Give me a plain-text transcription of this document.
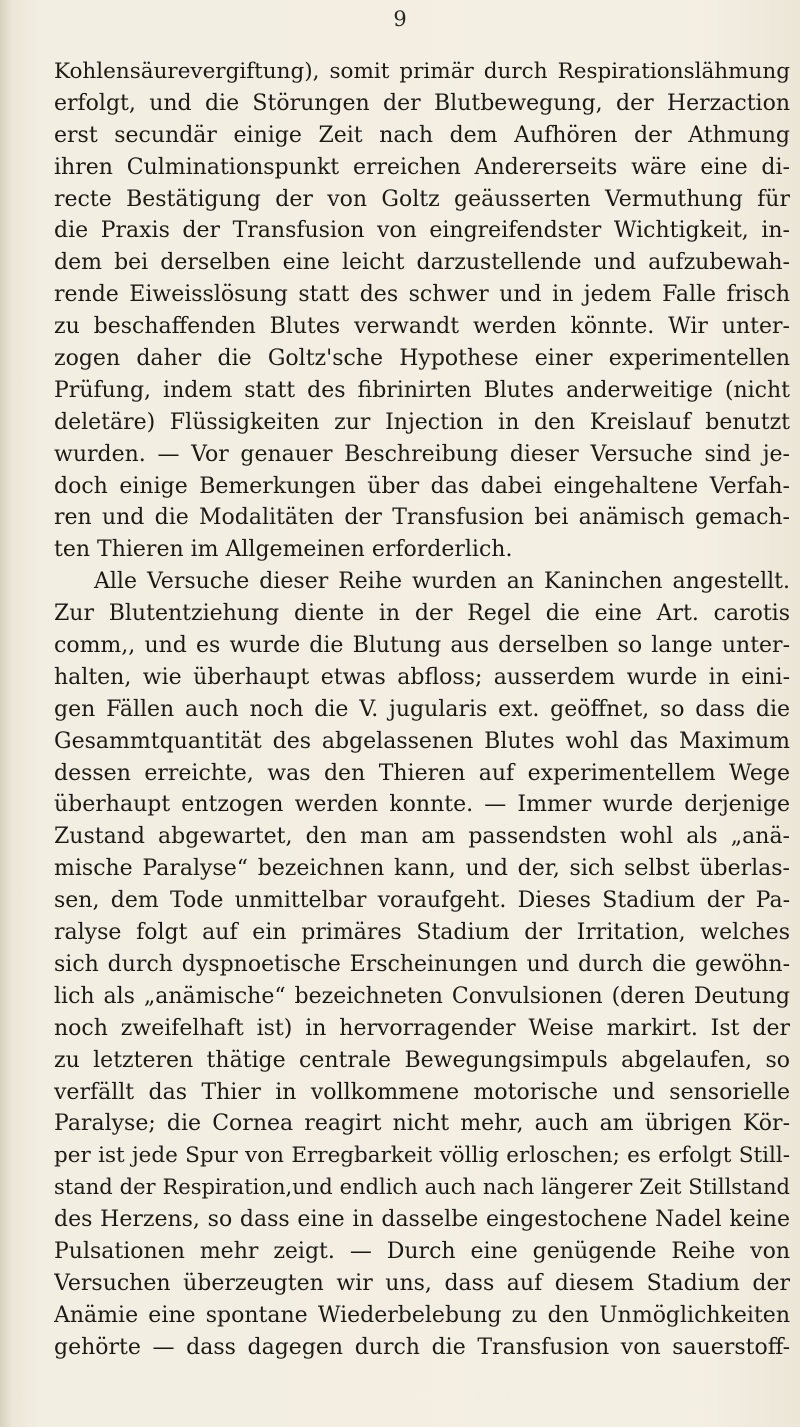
9
Kohlensäurevergiftung), somit primär durch Respirationslähmung
erfolgt, und die Störungen der Blutbewegung, der Herzaction
erst secundär einige Zeit nach dem Aufhören der Athmung
ihren Culminationspunkt erreichen Andererseits wäre eine di-
recte Bestätigung der von Goltz geäusserten Vermuthung für
die Praxis der Transfusion von eingreifendster Wichtigkeit, in-
dem bei derselben eine leicht darzustellende und aufzubewah-
rende Eiweisslösung statt des schwer und in jedem Falle frisch
zu beschaffenden Blutes verwandt werden könnte. Wir unter-
zogen daher die Goltz'sche Hypothese einer experimentellen
Prüfung, indem statt des fibrinirten Blutes anderweitige (nicht
deletäre) Flüssigkeiten zur Injection in den Kreislauf benutzt
wurden. — Vor genauer Beschreibung dieser Versuche sind je-
doch einige Bemerkungen über das dabei eingehaltene Verfah-
ren und die Modalitäten der Transfusion bei anämisch gemach-
ten Thieren im Allgemeinen erforderlich.
Alle Versuche dieser Reihe wurden an Kaninchen angestellt.
Zur Blutentziehung diente in der Regel die eine Art. carotis
comm,, und es wurde die Blutung aus derselben so lange unter-
halten, wie überhaupt etwas abfloss; ausserdem wurde in eini-
gen Fällen auch noch die V. jugularis ext. geöffnet, so dass die
Gesammtquantität des abgelassenen Blutes wohl das Maximum
dessen erreichte, was den Thieren auf experimentellem Wege
überhaupt entzogen werden konnte. — Immer wurde derjenige
Zustand abgewartet, den man am passendsten wohl als „anä-
mische Paralyse“ bezeichnen kann, und der, sich selbst überlas-
sen, dem Tode unmittelbar voraufgeht. Dieses Stadium der Pa-
ralyse folgt auf ein primäres Stadium der Irritation, welches
sich durch dyspnoetische Erscheinungen und durch die gewöhn-
lich als „anämische“ bezeichneten Convulsionen (deren Deutung
noch zweifelhaft ist) in hervorragender Weise markirt. Ist der
zu letzteren thätige centrale Bewegungsimpuls abgelaufen, so
verfällt das Thier in vollkommene motorische und sensorielle
Paralyse; die Cornea reagirt nicht mehr, auch am übrigen Kör-
per ist jede Spur von Erregbarkeit völlig erloschen; es erfolgt Still-
stand der Respiration,und endlich auch nach längerer Zeit Stillstand
des Herzens, so dass eine in dasselbe eingestochene Nadel keine
Pulsationen mehr zeigt. — Durch eine genügende Reihe von
Versuchen überzeugten wir uns, dass auf diesem Stadium der
Anämie eine spontane Wiederbelebung zu den Unmöglichkeiten
gehörte — dass dagegen durch die Transfusion von sauerstoff-
